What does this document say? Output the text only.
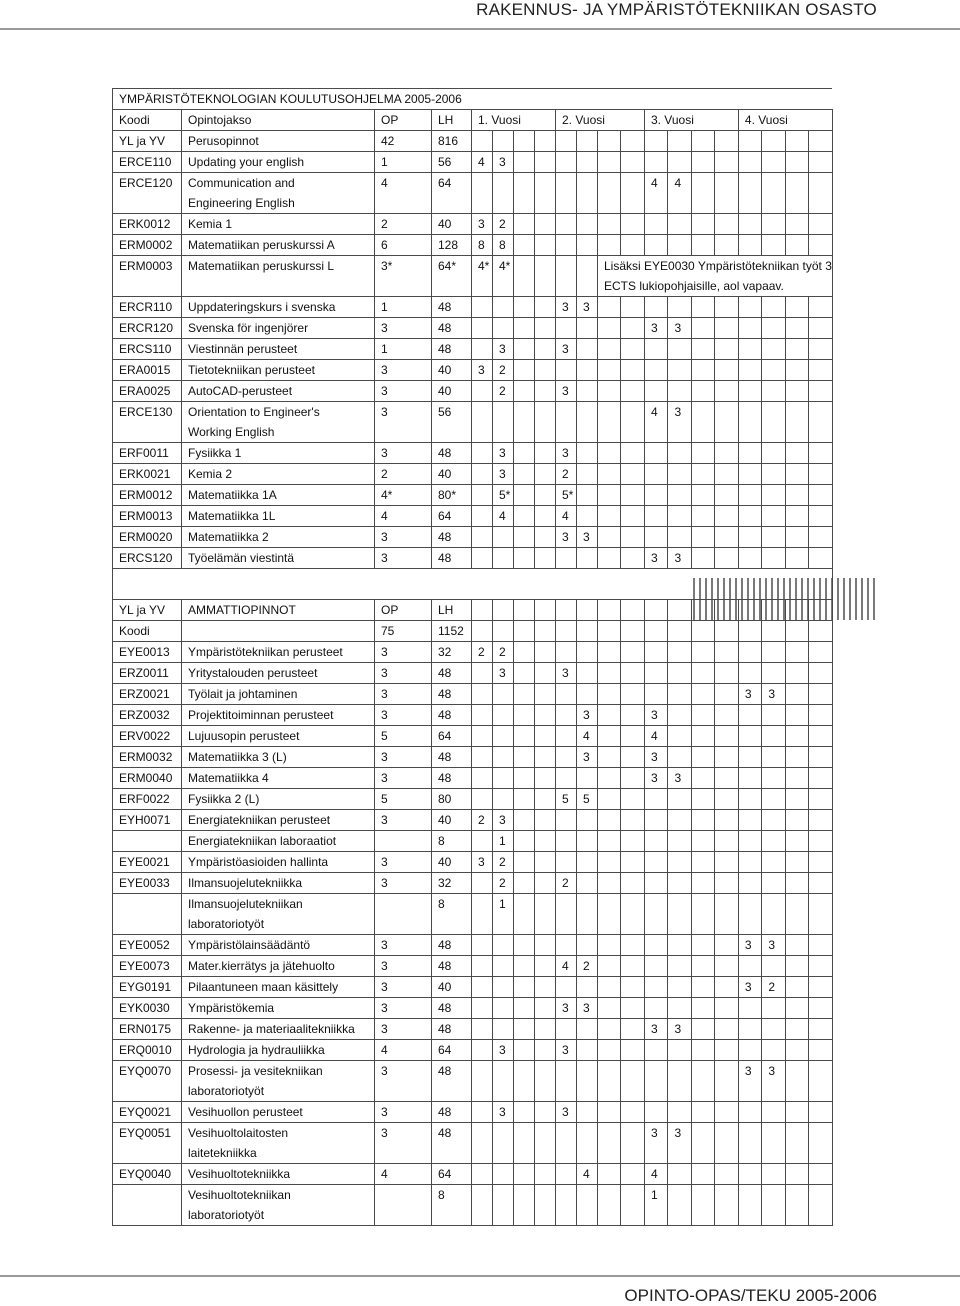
RAKENNUS- JA YMPÄRISTÖTEKNIIKAN OSASTO
YMPÄRISTÖTEKNOLOGIAN KOULUTUSOHJELMA 2005-2006																			
Koodi	Opintojakso	OP	LH	1. Vuosi				2. Vuosi				3. Vuosi				4. Vuosi			
YL ja YV	Perusopinnot	42	816																
ERCE110	Updating your english	1	56	4	3														
ERCE120	Communication and	4	64									4	4						
	Engineering English																		
ERK0012	Kemia 1	2	40	3	2														
ERM0002	Matematiikan peruskurssi A	6	128	8	8														
ERM0003	Matematiikan peruskurssi L	3*	64*	4*	4*					Lisäksi EYE0030 Ympäristötekniikan työt 3									
										ECTS lukiopohjaisille, aol vapaav.									
ERCR110	Uppdateringskurs i svenska	1	48					3	3										
ERCR120	Svenska för ingenjörer	3	48									3	3						
ERCS110	Viestinnän perusteet	1	48		3			3											
ERA0015	Tietotekniikan perusteet	3	40	3	2														
ERA0025	AutoCAD-perusteet	3	40		2			3											
ERCE130	Orientation to Engineer's	3	56									4	3						
	Working English																		
ERF0011	Fysiikka 1	3	48		3			3											
ERK0021	Kemia 2	2	40		3			2											
ERM0012	Matematiikka 1A	4*	80*		5*			5*											
ERM0013	Matematiikka 1L	4	64		4			4											
ERM0020	Matematiikka 2	3	48					3	3										
ERCS120	Työelämän viestintä	3	48									3	3						

YL ja YV	AMMATTIOPINNOT	OP	LH																
Koodi		75	1152																
EYE0013	Ympäristötekniikan perusteet	3	32	2	2														
ERZ0011	Yritystalouden perusteet	3	48		3			3											
ERZ0021	Työlait ja johtaminen	3	48													3	3		
ERZ0032	Projektitoiminnan perusteet	3	48						3			3							
ERV0022	Lujuusopin perusteet	5	64						4			4							
ERM0032	Matematiikka 3 (L)	3	48						3			3							
ERM0040	Matematiikka 4	3	48									3	3						
ERF0022	Fysiikka 2 (L)	5	80					5	5										
EYH0071	Energiatekniikan perusteet	3	40	2	3														
	Energiatekniikan laboraatiot		8		1														
EYE0021	Ympäristöasioiden hallinta	3	40	3	2														
EYE0033	Ilmansuojelutekniikka	3	32		2			2											
	Ilmansuojelutekniikan		8		1														
	laboratoriotyöt																		
EYE0052	Ympäristölainsäädäntö	3	48													3	3		
EYE0073	Mater.kierrätys ja jätehuolto	3	48					4	2										
EYG0191	Pilaantuneen maan käsittely	3	40													3	2		
EYK0030	Ympäristökemia	3	48					3	3										
ERN0175	Rakenne- ja materiaalitekniikka	3	48									3	3						
ERQ0010	Hydrologia ja hydrauliikka	4	64		3			3											
EYQ0070	Prosessi- ja vesitekniikan	3	48													3	3		
	laboratoriotyöt																		
EYQ0021	Vesihuollon perusteet	3	48		3			3											
EYQ0051	Vesihuoltolaitosten	3	48									3	3						
	laitetekniikka																		
EYQ0040	Vesihuoltotekniikka	4	64						4			4							
	Vesihuoltotekniikan		8									1							
	laboratoriotyöt																		
OPINTO-OPAS/TEKU 2005-2006
